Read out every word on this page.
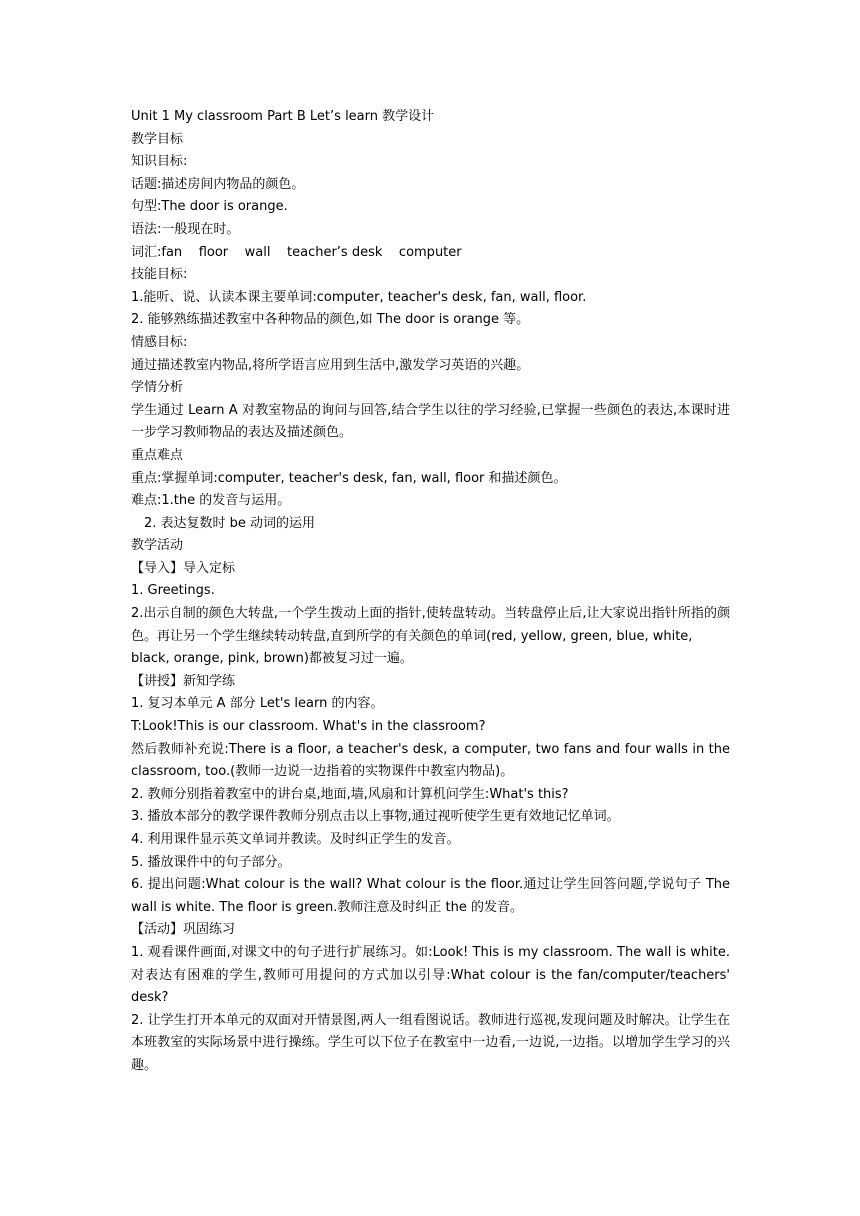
Unit 1 My classroom Part B Let’s learn 教学设计
教学目标
知识目标:
话题:描述房间内物品的颜色。
句型:The door is orange.
语法:一般现在时。
词汇:fan    floor    wall    teacher’s desk    computer
技能目标:
1.能听、说、认读本课主要单词:computer, teacher's desk, fan, wall, floor.
2. 能够熟练描述教室中各种物品的颜色,如 The door is orange 等。
情感目标:
通过描述教室内物品,将所学语言应用到生活中,激发学习英语的兴趣。
学情分析
学生通过 Learn A 对教室物品的询问与回答,结合学生以往的学习经验,已掌握一些颜色的表达,本课时进一步学习教师物品的表达及描述颜色。
重点难点
重点:掌握单词:computer, teacher's desk, fan, wall, floor 和描述颜色。
难点:1.the 的发音与运用。
2. 表达复数时 be 动词的运用
教学活动
【导入】导入定标
1. Greetings.
2.出示自制的颜色大转盘,一个学生拨动上面的指针,使转盘转动。当转盘停止后,让大家说出指针所指的颜色。再让另一个学生继续转动转盘,直到所学的有关颜色的单词(red, yellow, green, blue, white,
black, orange, pink, brown)都被复习过一遍。
【讲授】新知学练
1. 复习本单元 A 部分 Let's learn 的内容。
T:Look!This is our classroom. What's in the classroom?
然后教师补充说:There is a floor, a teacher's desk, a computer, two fans and four walls in the classroom, too.(教师一边说一边指着的实物课件中教室内物品)。
2. 教师分别指着教室中的讲台桌,地面,墙,风扇和计算机问学生:What's this?
3. 播放本部分的教学课件教师分别点击以上事物,通过视听使学生更有效地记忆单词。
4. 利用课件显示英文单词并教读。及时纠正学生的发音。
5. 播放课件中的句子部分。
6. 提出问题:What colour is the wall? What colour is the floor.通过让学生回答问题,学说句子 The wall is white. The floor is green.教师注意及时纠正 the 的发音。
【活动】巩固练习
1. 观看课件画面,对课文中的句子进行扩展练习。如:Look! This is my classroom. The wall is white. 对表达有困难的学生,教师可用提问的方式加以引导:What colour is the fan/computer/teachers' desk?
2. 让学生打开本单元的双面对开情景图,两人一组看图说话。教师进行巡视,发现问题及时解决。让学生在本班教室的实际场景中进行操练。学生可以下位子在教室中一边看,一边说,一边指。以增加学生学习的兴趣。
